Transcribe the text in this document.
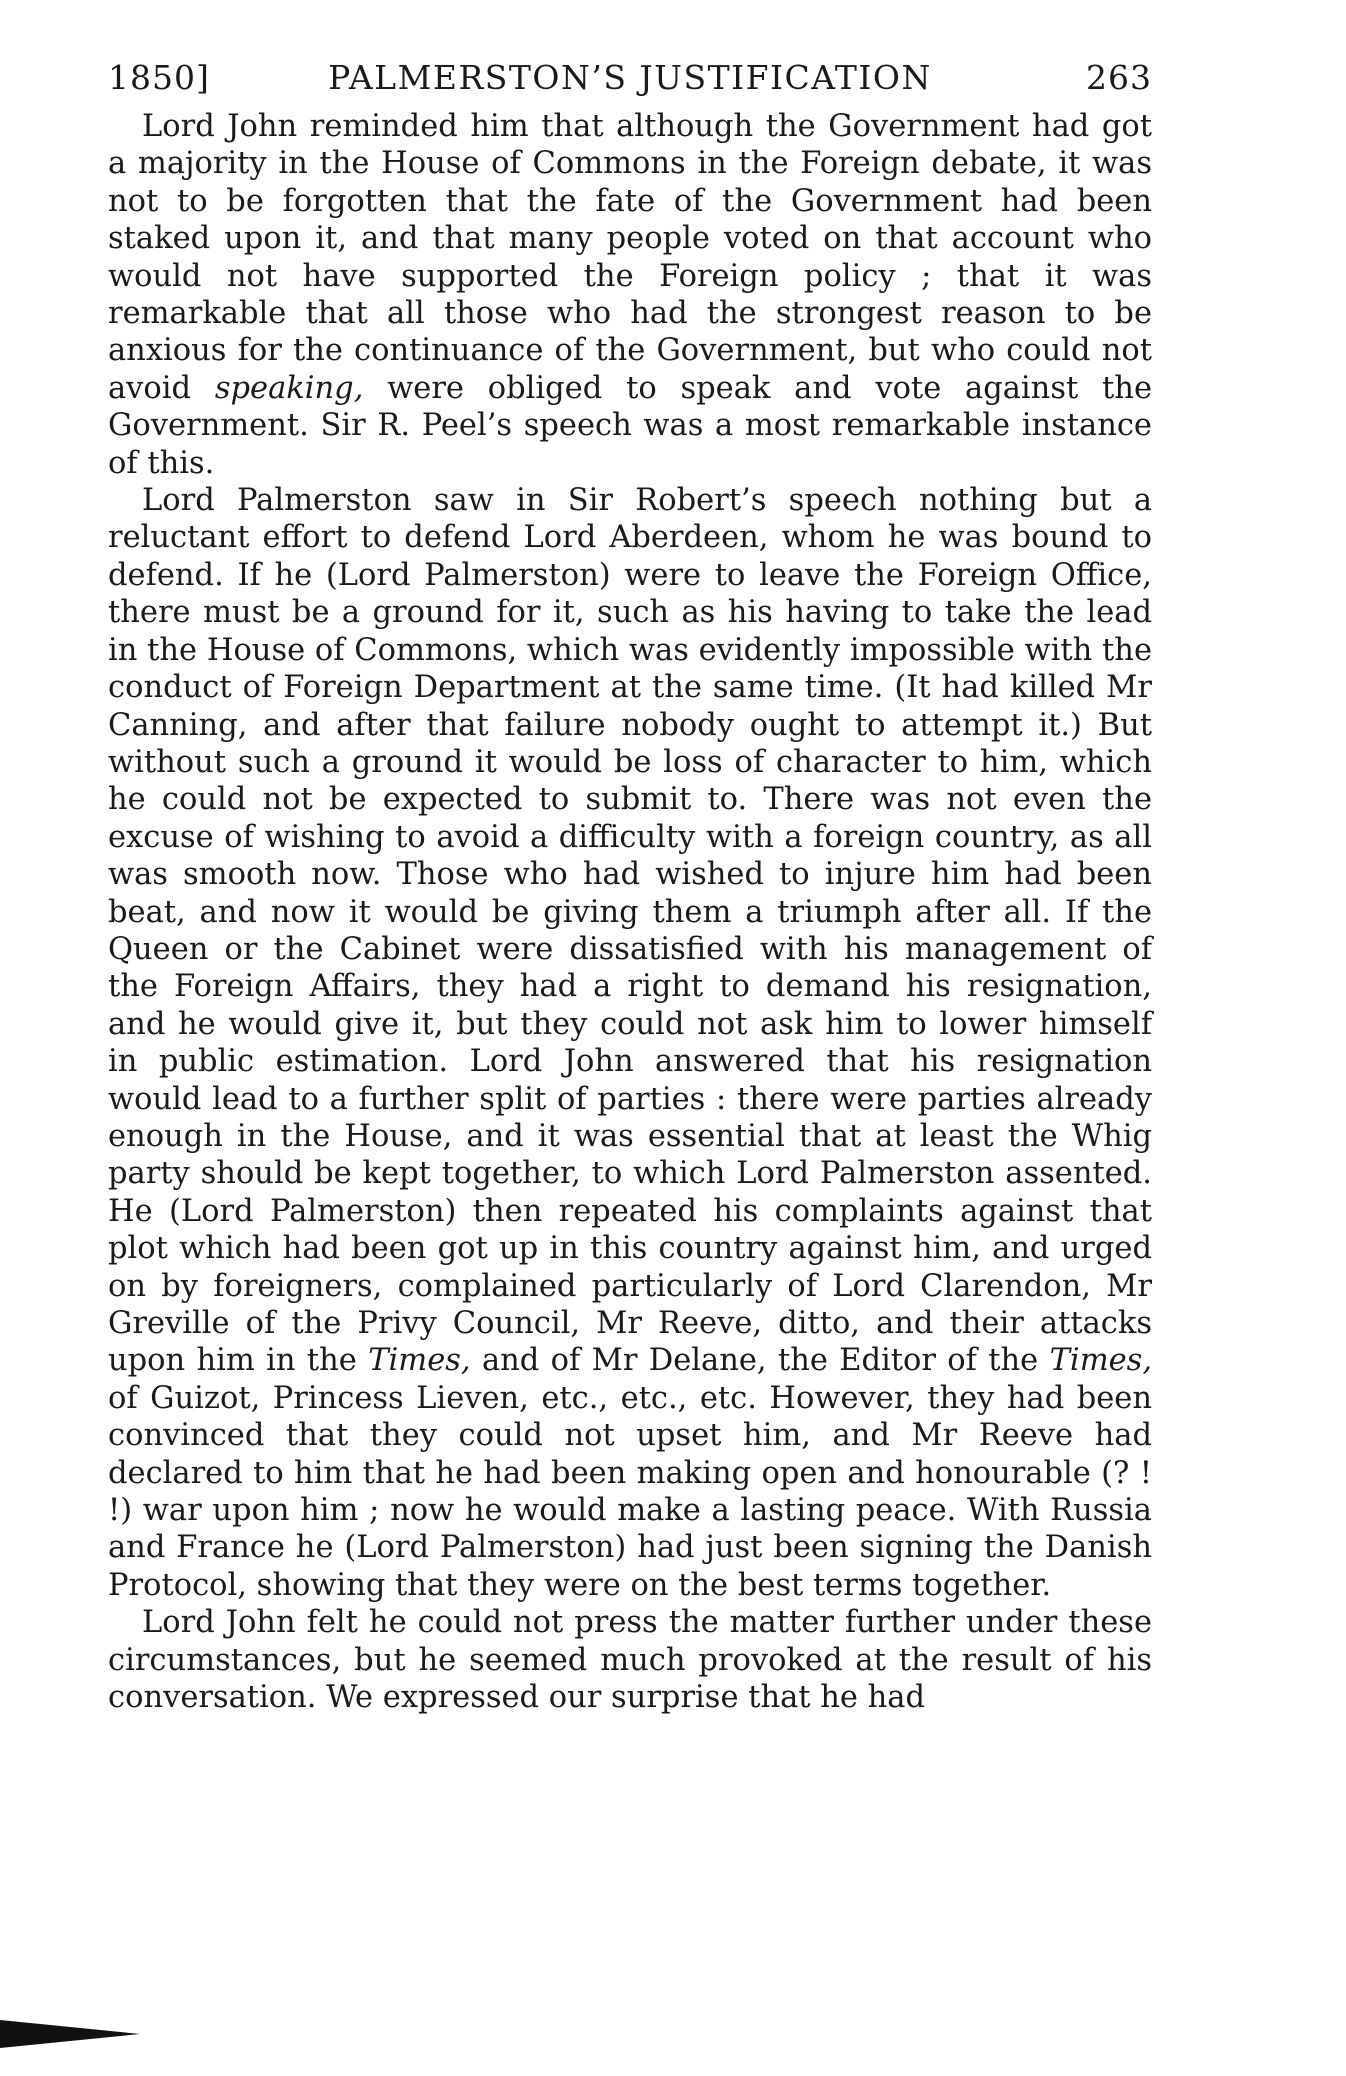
1850]	PALMERSTON’S JUSTIFICATION	263

Lord John reminded him that although the Government had got a majority in the House of Commons in the Foreign debate, it was not to be forgotten that the fate of the Government had been staked upon it, and that many people voted on that account who would not have supported the Foreign policy ; that it was remarkable that all those who had the strongest reason to be anxious for the continuance of the Government, but who could not avoid speaking, were obliged to speak and vote against the Government. Sir R. Peel’s speech was a most remarkable instance of this.

Lord Palmerston saw in Sir Robert’s speech nothing but a reluctant effort to defend Lord Aberdeen, whom he was bound to defend. If he (Lord Palmerston) were to leave the Foreign Office, there must be a ground for it, such as his having to take the lead in the House of Commons, which was evidently impossible with the conduct of Foreign Department at the same time. (It had killed Mr Canning, and after that failure nobody ought to attempt it.) But without such a ground it would be loss of character to him, which he could not be expected to submit to. There was not even the excuse of wishing to avoid a difficulty with a foreign country, as all was smooth now. Those who had wished to injure him had been beat, and now it would be giving them a triumph after all. If the Queen or the Cabinet were dissatisfied with his management of the Foreign Affairs, they had a right to demand his resignation, and he would give it, but they could not ask him to lower himself in public estimation. Lord John answered that his resignation would lead to a further split of parties : there were parties already enough in the House, and it was essential that at least the Whig party should be kept together, to which Lord Palmerston assented. He (Lord Palmerston) then repeated his complaints against that plot which had been got up in this country against him, and urged on by foreigners, complained particularly of Lord Clarendon, Mr Greville of the Privy Council, Mr Reeve, ditto, and their attacks upon him in the Times, and of Mr Delane, the Editor of the Times, of Guizot, Princess Lieven, etc., etc., etc. However, they had been convinced that they could not upset him, and Mr Reeve had declared to him that he had been making open and honourable (? ! !) war upon him ; now he would make a lasting peace. With Russia and France he (Lord Palmerston) had just been signing the Danish Protocol, showing that they were on the best terms together.

Lord John felt he could not press the matter further under these circumstances, but he seemed much provoked at the result of his conversation. We expressed our surprise that he had
